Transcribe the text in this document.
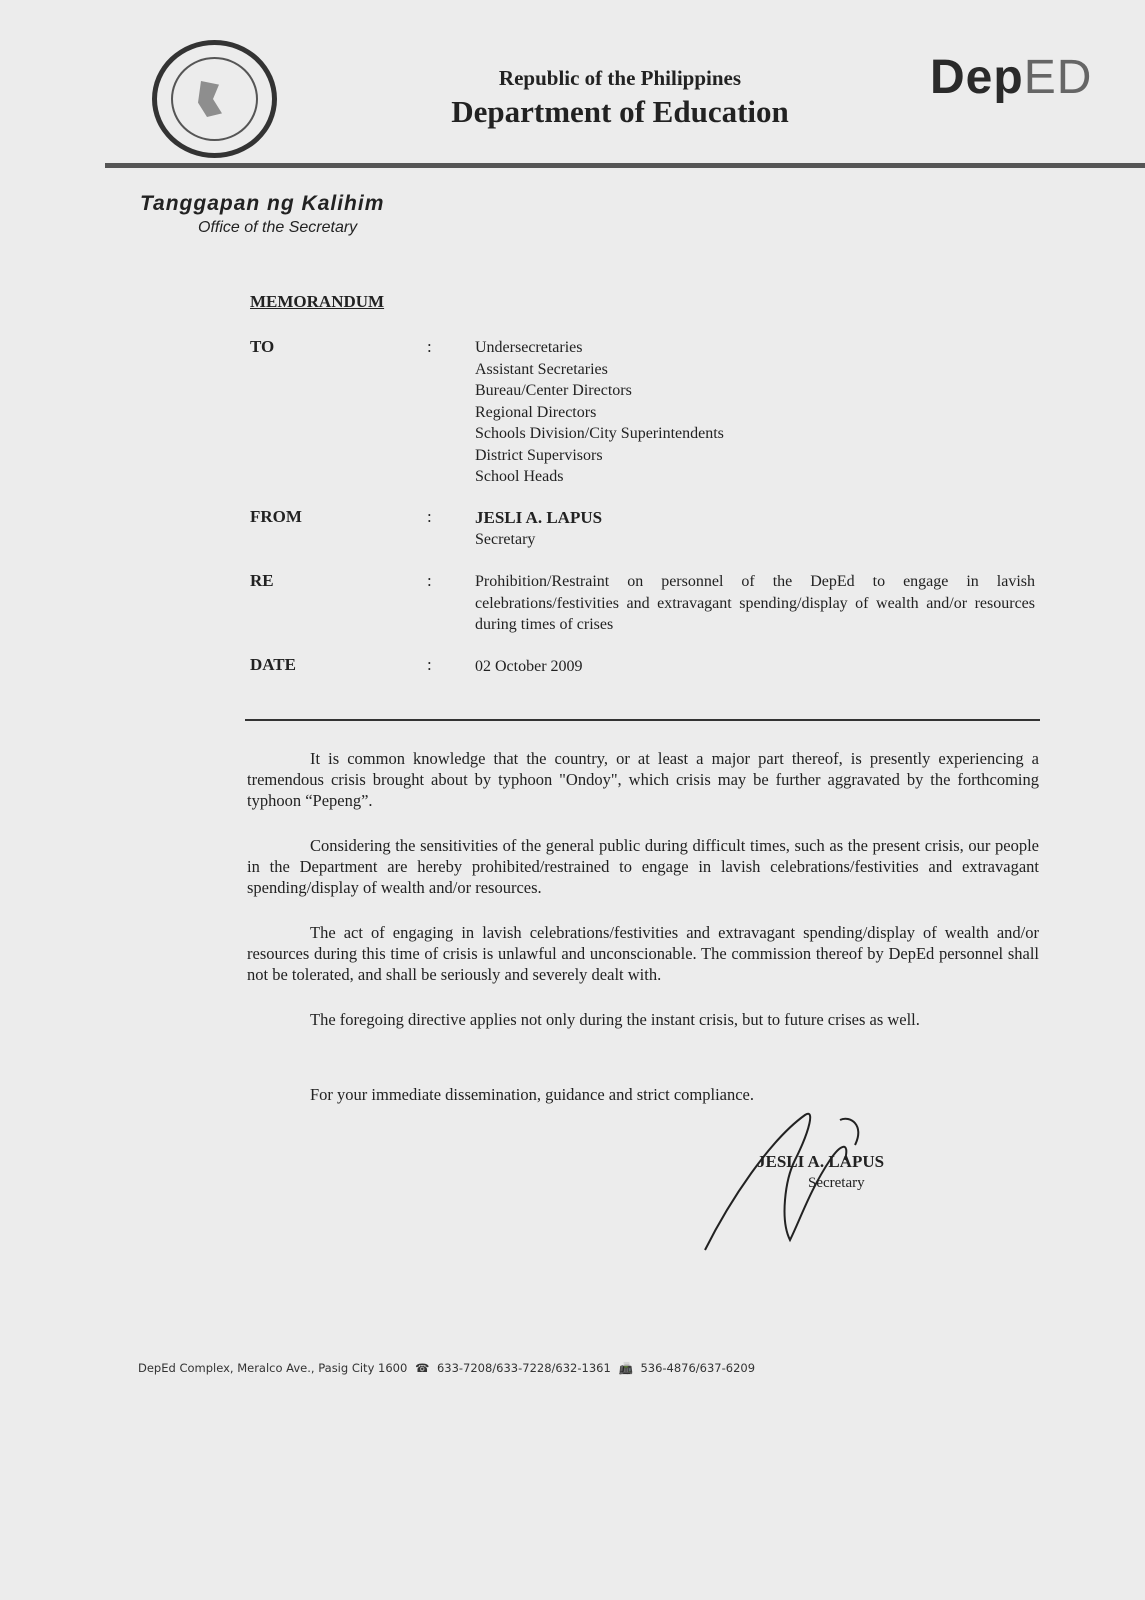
Republic of the Philippines
Department of Education
DepED
Tanggapan ng Kalihim
Office of the Secretary
MEMORANDUM
TO	:	Undersecretaries
Assistant Secretaries
Bureau/Center Directors
Regional Directors
Schools Division/City Superintendents
District Supervisors
School Heads
FROM	:	JESLI A. LAPUS
Secretary
RE	:	Prohibition/Restraint on personnel of the DepEd to engage in lavish celebrations/festivities and extravagant spending/display of wealth and/or resources during times of crises
DATE	:	02 October 2009

It is common knowledge that the country, or at least a major part thereof, is presently experiencing a tremendous crisis brought about by typhoon "Ondoy", which crisis may be further aggravated by the forthcoming typhoon “Pepeng”.

Considering the sensitivities of the general public during difficult times, such as the present crisis, our people in the Department are hereby prohibited/restrained to engage in lavish celebrations/festivities and extravagant spending/display of wealth and/or resources.

The act of engaging in lavish celebrations/festivities and extravagant spending/display of wealth and/or resources during this time of crisis is unlawful and unconscionable. The commission thereof by DepEd personnel shall not be tolerated, and shall be seriously and severely dealt with.

The foregoing directive applies not only during the instant crisis, but to future crises as well.

For your immediate dissemination, guidance and strict compliance.
JESLI A. LAPUS
Secretary
DepEd Complex, Meralco Ave., Pasig City 1600 ☎ 633-7208/633-7228/632-1361 📠 536-4876/637-6209
